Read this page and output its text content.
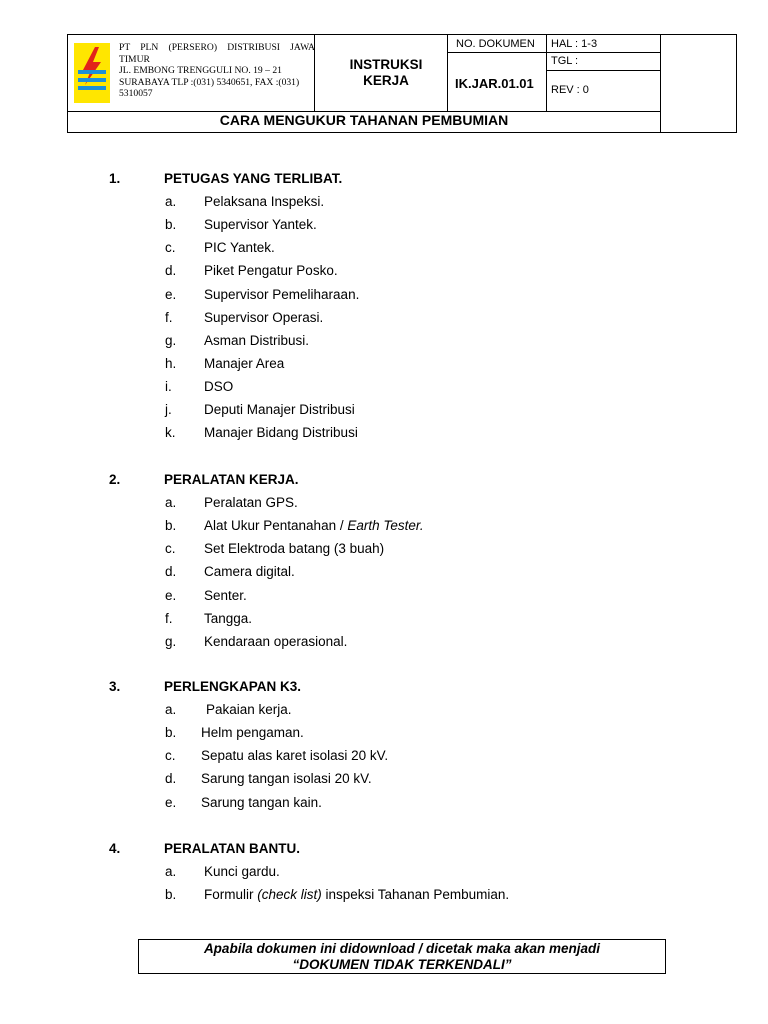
PT PLN (PERSERO) DISTRIBUSI JAWA
TIMUR
JL. EMBONG TRENGGULI NO. 19 – 21
SURABAYA TLP :(031) 5340651, FAX :(031)
5310057
INSTRUKSI
KERJA
NO. DOKUMEN
IK.JAR.01.01
HAL : 1-3
TGL :
REV : 0
CARA MENGUKUR TAHANAN PEMBUMIAN
1.	PETUGAS YANG TERLIBAT.
a. Pelaksana Inspeksi.
b. Supervisor Yantek.
c. PIC Yantek.
d. Piket Pengatur Posko.
e. Supervisor Pemeliharaan.
f. Supervisor Operasi.
g. Asman Distribusi.
h. Manajer Area
i. DSO
j. Deputi Manajer Distribusi
k. Manajer Bidang Distribusi
2.	PERALATAN KERJA.
a. Peralatan GPS.
b. Alat Ukur Pentanahan / Earth Tester.
c. Set Elektroda batang (3 buah)
d. Camera digital.
e. Senter.
f. Tangga.
g. Kendaraan operasional.
3.	PERLENGKAPAN K3.
a. Pakaian kerja.
b. Helm pengaman.
c. Sepatu alas karet isolasi 20 kV.
d. Sarung tangan isolasi 20 kV.
e. Sarung tangan kain.
4.	PERALATAN BANTU.
a. Kunci gardu.
b. Formulir (check list) inspeksi Tahanan Pembumian.
Apabila dokumen ini didownload / dicetak maka akan menjadi
“DOKUMEN TIDAK TERKENDALI”
